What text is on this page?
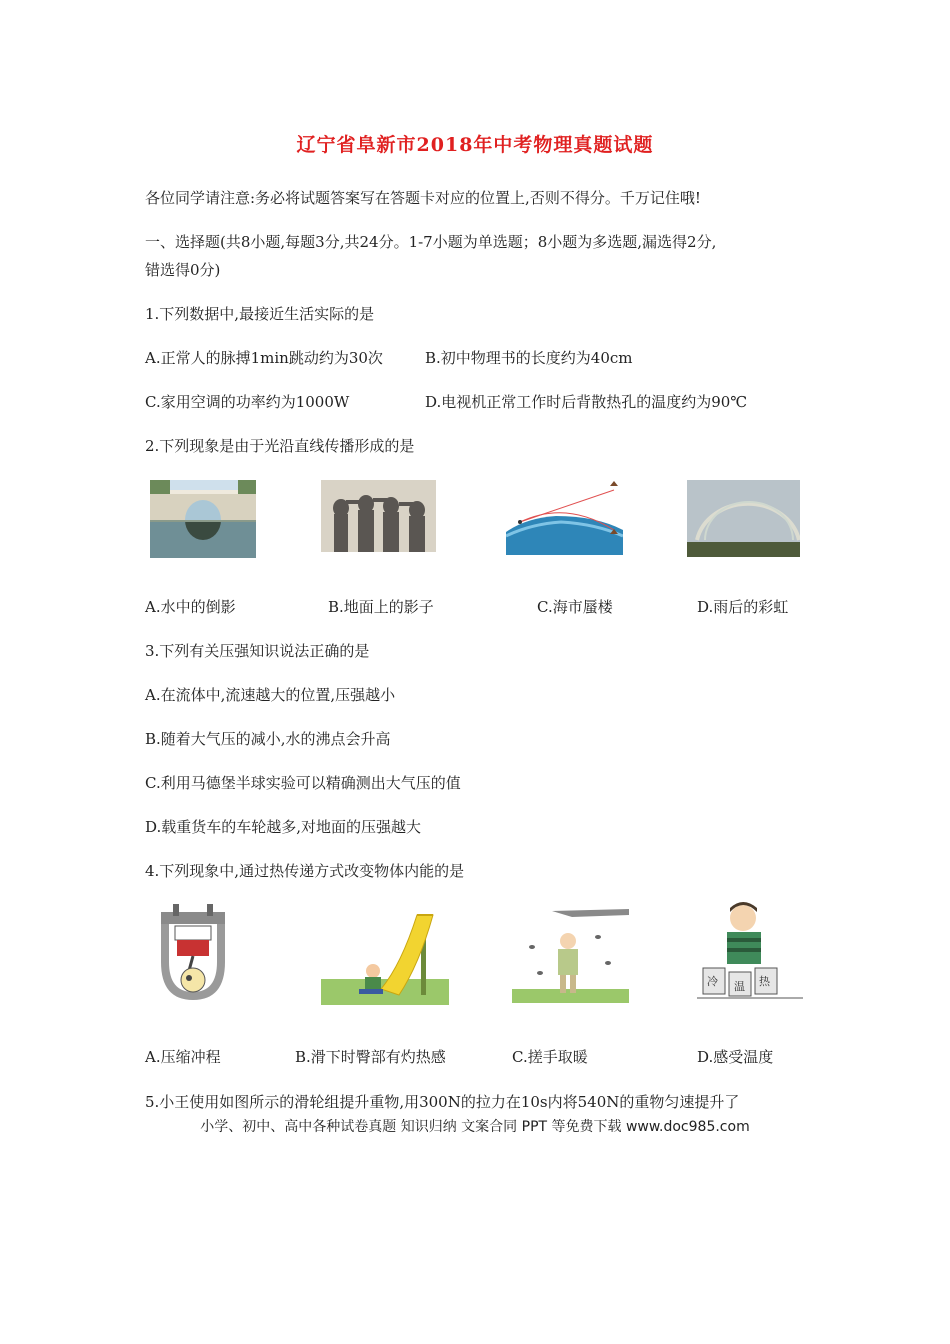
辽宁省阜新市2018年中考物理真题试题
各位同学请注意:务必将试题答案写在答题卡对应的位置上,否则不得分。千万记住哦!
一、选择题(共8小题,每题3分,共24分。1-7小题为单选题；8小题为多选题,漏选得2分,
错选得0分)
1.下列数据中,最接近生活实际的是
A.正常人的脉搏1min跳动约为30次	B.初中物理书的长度约为40cm
C.家用空调的功率约为1000W	D.电视机正常工作时后背散热孔的温度约为90℃
2.下列现象是由于光沿直线传播形成的是
A.水中的倒影	B.地面上的影子	C.海市蜃楼	D.雨后的彩虹
3.下列有关压强知识说法正确的是
A.在流体中,流速越大的位置,压强越小
B.随着大气压的减小,水的沸点会升高
C.利用马德堡半球实验可以精确测出大气压的值
D.载重货车的车轮越多,对地面的压强越大
4.下列现象中,通过热传递方式改变物体内能的是
冷 温 热
A.压缩冲程	B.滑下时臀部有灼热感	C.搓手取暖	D.感受温度
5.小王使用如图所示的滑轮组提升重物,用300N的拉力在10s内将540N的重物匀速提升了
小学、初中、高中各种试卷真题 知识归纳 文案合同 PPT 等免费下载 www.doc985.com
